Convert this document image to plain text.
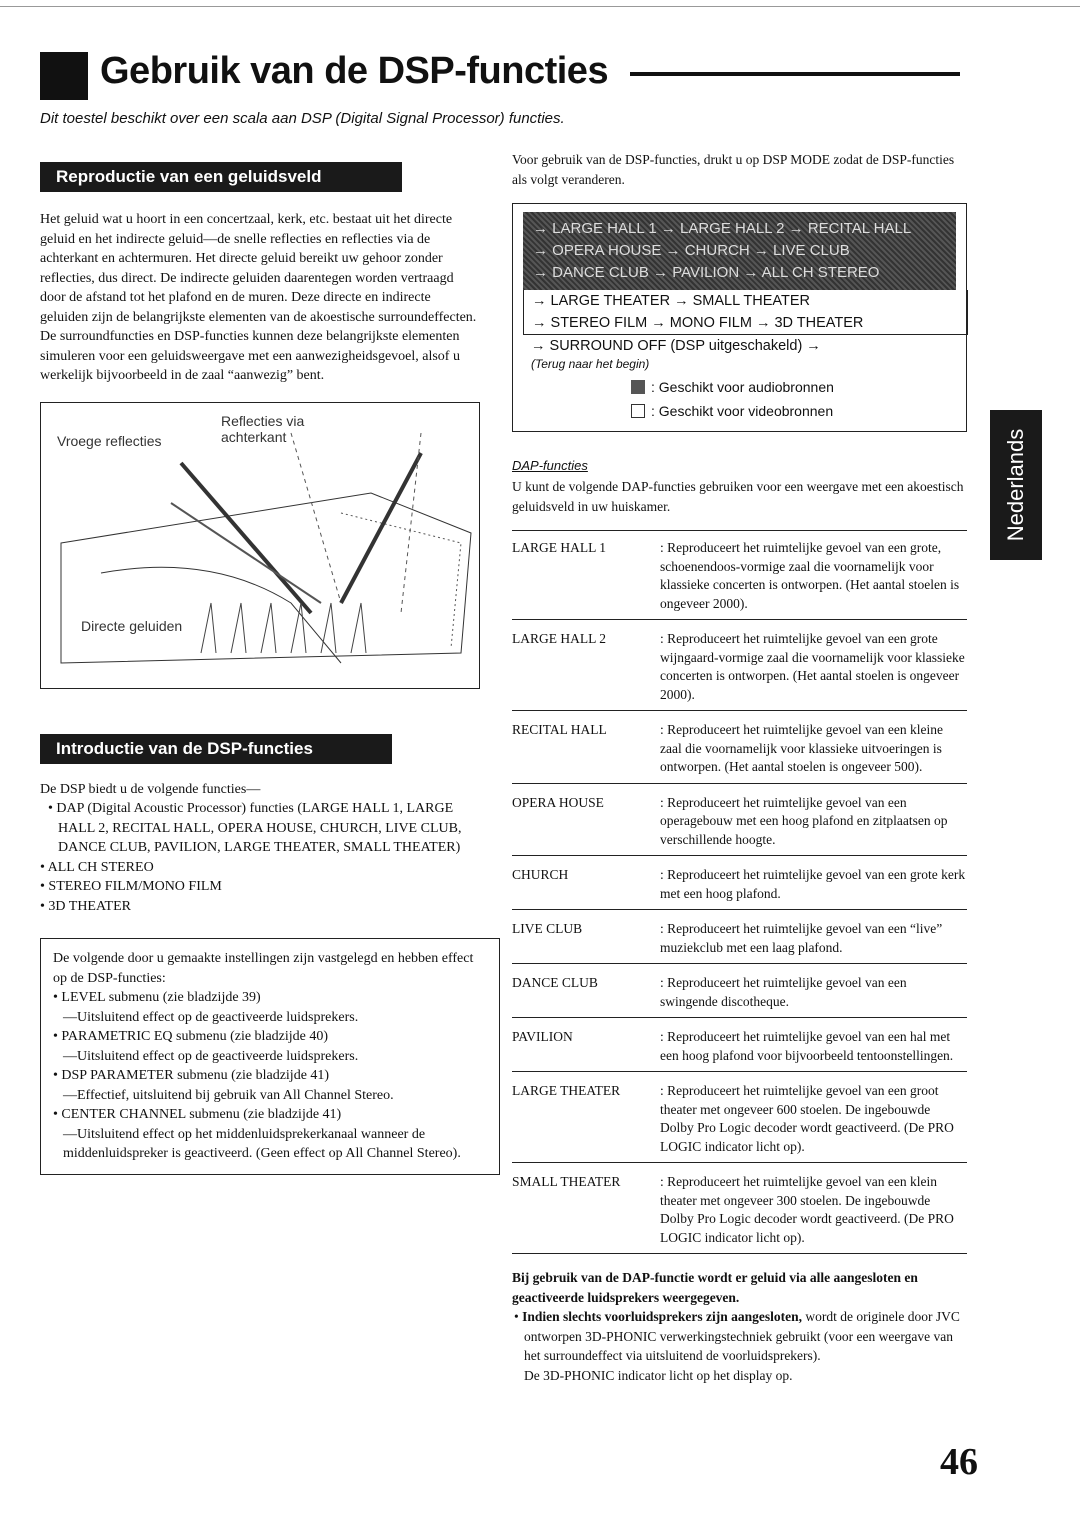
Gebruik van de DSP-functies
Dit toestel beschikt over een scala aan DSP (Digital Signal Processor) functies.
Reproductie van een geluidsveld
Het geluid wat u hoort in een concertzaal, kerk, etc. bestaat uit het directe geluid en het indirecte geluid—de snelle reflecties en reflecties via de achterkant en achtermuren. Het directe geluid bereikt uw gehoor zonder reflecties, dus direct. De indirecte geluiden daarentegen worden vertraagd door de afstand tot het plafond en de muren. Deze directe en indirecte geluiden zijn de belangrijkste elementen van de akoestische surroundeffecten. De surroundfuncties en DSP-functies kunnen deze belangrijkste elementen simuleren voor een geluidsweergave met een aanwezigheidsgevoel, alsof u werkelijk bijvoorbeeld in de zaal “aanwezig” bent.
Reflecties via achterkant
Vroege reflecties
Directe geluiden
Introductie van de DSP-functies
De DSP biedt u de volgende functies—
• DAP (Digital Acoustic Processor) functies (LARGE HALL 1, LARGE HALL 2, RECITAL HALL, OPERA HOUSE, CHURCH, LIVE CLUB, DANCE CLUB, PAVILION, LARGE THEATER, SMALL THEATER)
• ALL CH STEREO
• STEREO FILM/MONO FILM
• 3D THEATER
De volgende door u gemaakte instellingen zijn vastgelegd en hebben effect op de DSP-functies:
• LEVEL submenu (zie bladzijde 39)
—Uitsluitend effect op de geactiveerde luidsprekers.
• PARAMETRIC EQ submenu (zie bladzijde 40)
—Uitsluitend effect op de geactiveerde luidsprekers.
• DSP PARAMETER submenu (zie bladzijde 41)
—Effectief, uitsluitend bij gebruik van All Channel Stereo.
• CENTER CHANNEL submenu (zie bladzijde 41)
—Uitsluitend effect op het middenluidsprekerkanaal wanneer de middenluidspreker is geactiveerd. (Geen effect op All Channel Stereo).
Voor gebruik van de DSP-functies, drukt u op DSP MODE zodat de DSP-functies als volgt veranderen.
→ LARGE HALL 1 → LARGE HALL 2 → RECITAL HALL
→ OPERA HOUSE → CHURCH → LIVE CLUB
→ DANCE CLUB → PAVILION → ALL CH STEREO
→ LARGE THEATER → SMALL THEATER
→ STEREO FILM → MONO FILM → 3D THEATER
→ SURROUND OFF (DSP uitgeschakeld) →
(Terug naar het begin)
: Geschikt voor audiobronnen
: Geschikt voor videobronnen
DAP-functies
U kunt de volgende DAP-functies gebruiken voor een weergave met een akoestisch geluidsveld in uw huiskamer.
LARGE HALL 1	: Reproduceert het ruimtelijke gevoel van een grote, schoenendoos-vormige zaal die voornamelijk voor klassieke concerten is ontworpen. (Het aantal stoelen is ongeveer 2000).
LARGE HALL 2	: Reproduceert het ruimtelijke gevoel van een grote wijngaard-vormige zaal die voornamelijk voor klassieke concerten is ontworpen. (Het aantal stoelen is ongeveer 2000).
RECITAL HALL	: Reproduceert het ruimtelijke gevoel van een kleine zaal die voornamelijk voor klassieke uitvoeringen is ontworpen. (Het aantal stoelen is ongeveer 500).
OPERA HOUSE	: Reproduceert het ruimtelijke gevoel van een operagebouw met een hoog plafond en zitplaatsen op verschillende hoogte.
CHURCH	: Reproduceert het ruimtelijke gevoel van een grote kerk met een hoog plafond.
LIVE CLUB	: Reproduceert het ruimtelijke gevoel van een “live” muziekclub met een laag plafond.
DANCE CLUB	: Reproduceert het ruimtelijke gevoel van een swingende discotheque.
PAVILION	: Reproduceert het ruimtelijke gevoel van een hal met een hoog plafond voor bijvoorbeeld tentoonstellingen.
LARGE THEATER	: Reproduceert het ruimtelijke gevoel van een groot theater met ongeveer 600 stoelen. De ingebouwde Dolby Pro Logic decoder wordt geactiveerd. (De PRO LOGIC indicator licht op).
SMALL THEATER	: Reproduceert het ruimtelijke gevoel van een klein theater met ongeveer 300 stoelen. De ingebouwde Dolby Pro Logic decoder wordt geactiveerd. (De PRO LOGIC indicator licht op).
Bij gebruik van de DAP-functie wordt er geluid via alle aangesloten en geactiveerde luidsprekers weergegeven.
• Indien slechts voorluidsprekers zijn aangesloten, wordt de originele door JVC ontworpen 3D-PHONIC verwerkingstechniek gebruikt (voor een weergave van het surroundeffect via uitsluitend de voorluidsprekers).
De 3D-PHONIC indicator licht op het display op.
Nederlands
46
